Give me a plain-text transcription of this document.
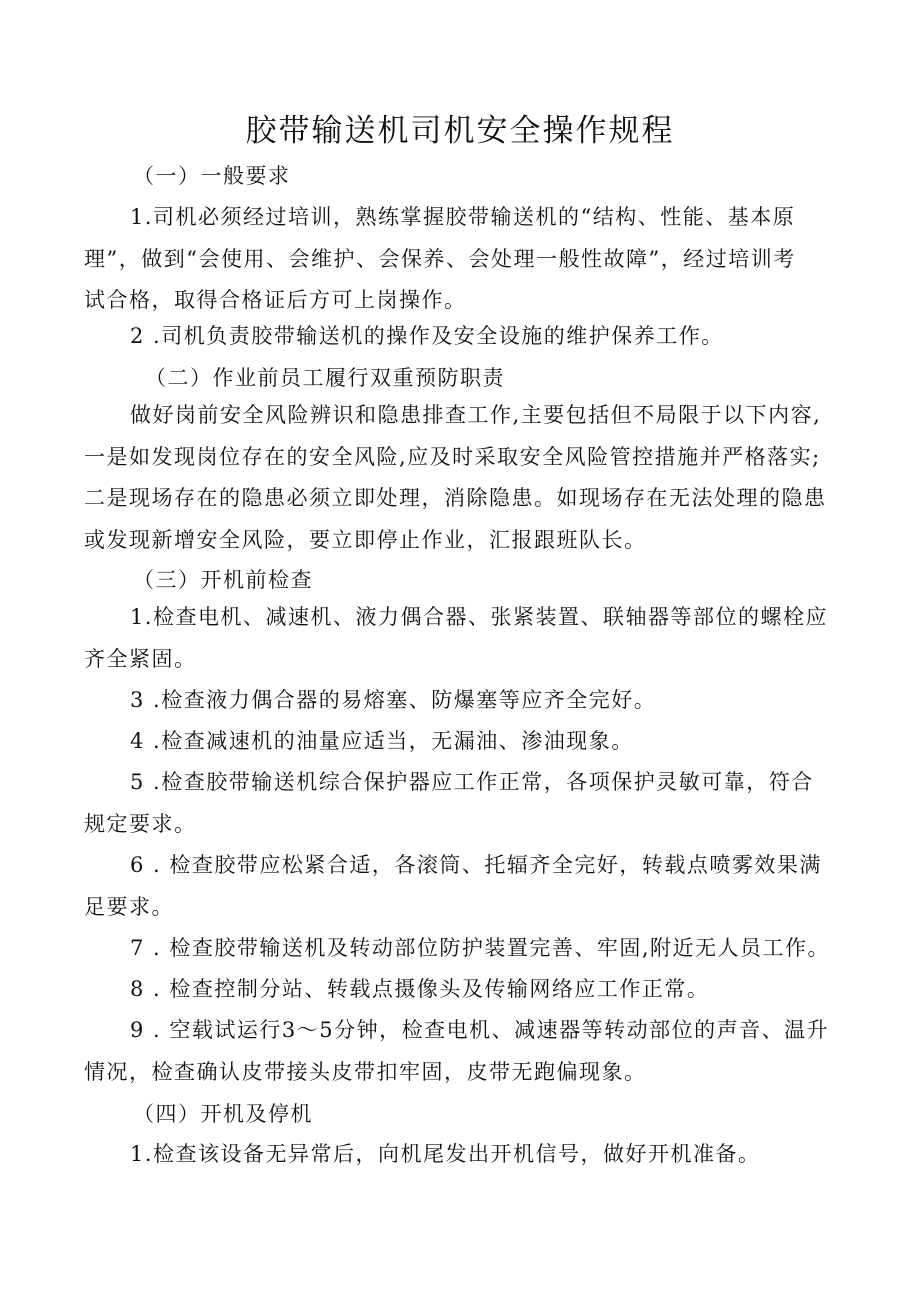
胶带输送机司机安全操作规程
（一）一般要求
1.司机必须经过培训，熟练掌握胶带输送机的“结构、性能、基本原
理”，做到“会使用、会维护、会保养、会处理一般性故障”，经过培训考
试合格，取得合格证后方可上岗操作。
2 .司机负责胶带输送机的操作及安全设施的维护保养工作。
（二）作业前员工履行双重预防职责
做好岗前安全风险辨识和隐患排查工作,主要包括但不局限于以下内容,
一是如发现岗位存在的安全风险,应及时采取安全风险管控措施并严格落实;
二是现场存在的隐患必须立即处理，消除隐患。如现场存在无法处理的隐患
或发现新增安全风险，要立即停止作业，汇报跟班队长。
（三）开机前检查
1.检查电机、减速机、液力偶合器、张紧装置、联轴器等部位的螺栓应
齐全紧固。
3 .检查液力偶合器的易熔塞、防爆塞等应齐全完好。
4 .检查减速机的油量应适当，无漏油、渗油现象。
5 .检查胶带输送机综合保护器应工作正常，各项保护灵敏可靠，符合
规定要求。
6 . 检查胶带应松紧合适，各滚筒、托辐齐全完好，转载点喷雾效果满
足要求。
7 . 检查胶带输送机及转动部位防护装置完善、牢固,附近无人员工作。
8 . 检查控制分站、转载点摄像头及传输网络应工作正常。
9 . 空载试运行3～5分钟，检查电机、减速器等转动部位的声音、温升
情况，检查确认皮带接头皮带扣牢固，皮带无跑偏现象。
（四）开机及停机
1.检查该设备无异常后，向机尾发出开机信号，做好开机准备。
